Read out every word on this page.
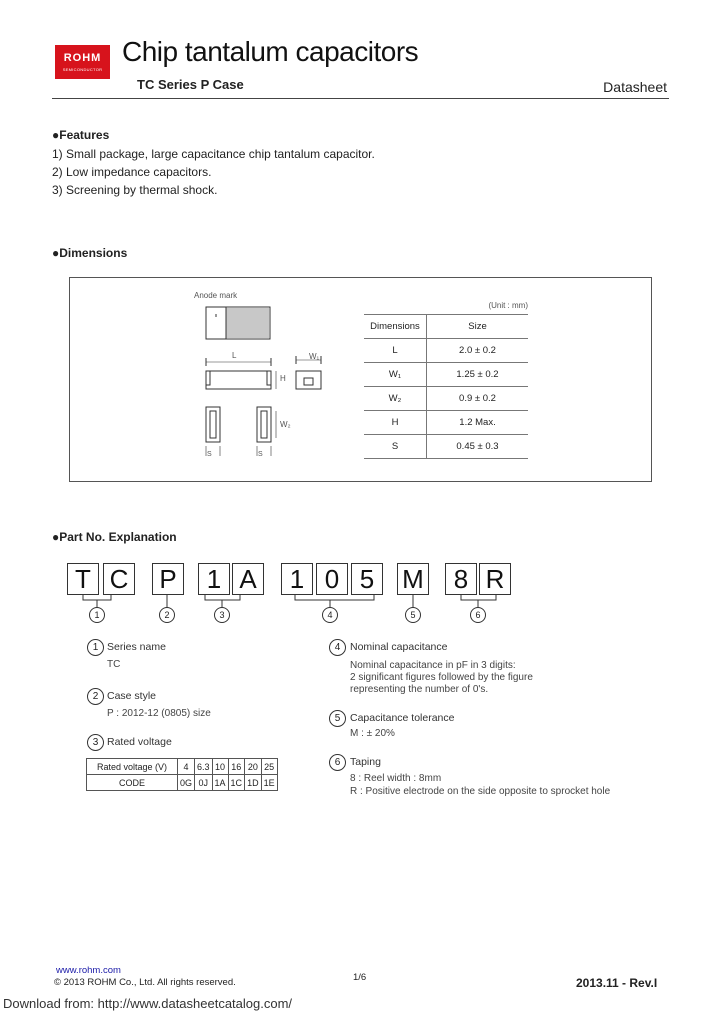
ROHM
SEMICONDUCTOR
Chip tantalum capacitors
TC Series P Case	Datasheet
●Features
1) Small package, large capacitance chip tantalum capacitor.
2) Low impedance capacitors.
3) Screening by thermal shock.
●Dimensions
Anode mark
L
H
W₁
W₂
S	S
(Unit : mm)
Dimensions	Size
L	2.0 ± 0.2
W₁	1.25 ± 0.2
W₂	0.9 ± 0.2
H	1.2 Max.
S	0.45 ± 0.3
●Part No. Explanation
T C P	1 A	1 0 5	M	8 R
1	2	3	4	5	6
1 Series name
TC
2 Case style
P : 2012-12 (0805) size
3 Rated voltage
Rated voltage (V)	4	6.3	10	16	20	25
CODE	0G	0J	1A	1C	1D	1E
4 Nominal capacitance
Nominal capacitance in pF in 3 digits:
2 significant figures followed by the figure
representing the number of 0's.
5 Capacitance tolerance
M : ± 20%
6 Taping
8 : Reel width : 8mm
R : Positive electrode on the side opposite to sprocket hole
www.rohm.com
© 2013 ROHM Co., Ltd. All rights reserved.	1/6	2013.11 - Rev.I
Download from: http://www.datasheetcatalog.com/
